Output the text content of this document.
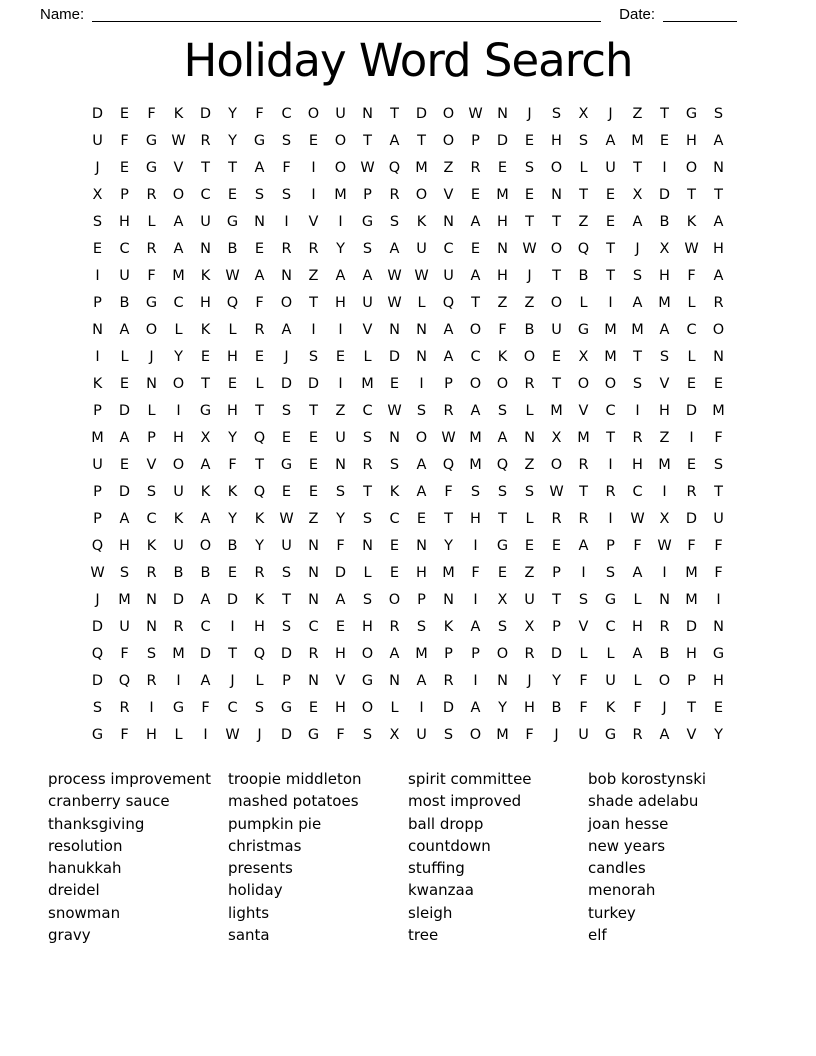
Name:	Date:
Holiday Word Search
D	E	F	K	D	Y	F	C	O	U	N	T	D	O W N	J	S	X	J	Z	T	G	S
U	F	G W	R	Y	G	S	E	O	T	A	T	O	P	D	E	H	S	A	M	E	H	A
J	E	G	V	T	T	A	F	I	O W Q	M	Z	R	E	S	O	L	U	T	I	O	N
X	P	R	O	C	E	S	S	I	M	P	R	O	V	E	M	E	N	T	E	X	D	T	T
S	H	L	A	U	G	N	I	V	I	G	S	K	N	A	H	T	T	Z	E	A	B	K	A
E	C	R	A	N	B	E	R	R	Y	S	A	U	C	E	N W O	Q	T	J	X	W H
I	U	F	M	K	W	A	N	Z	A	A	W W	U	A	H	J	T	B	T	S	H	F	A
P	B	G	C	H	Q	F	O	T	H	U	W	L	Q	T	Z	Z	O	L	I	A	M	L	R
N	A	O	L	K	L	R	A	I	I	V	N	N	A	O	F	B	U	G	M M	A	C	O
I	L	J	Y	E	H	E	J	S	E	L	D	N	A	C	K	O	E	X	M	T	S	L	N
K	E	N	O	T	E	L	D	D	I	M	E	I	P	O	O	R	T	O	O	S	V	E	E
P	D	L	I	G	H	T	S	T	Z	C	W	S	R	A	S	L	M	V	C	I	H	D	M
M	A	P	H	X	Y	Q	E	E	U	S	N	O W M	A	N	X	M	T	R	Z	I	F
U	E	V	O	A	F	T	G	E	N	R	S	A	Q	M	Q	Z	O	R	I	H	M	E	S
P	D	S	U	K	K	Q	E	E	S	T	K	A	F	S	S	S	W	T	R	C	I	R	T
P	A	C	K	A	Y	K	W	Z	Y	S	C	E	T	H	T	L	R	R	I	W	X	D	U
Q	H	K	U	O	B	Y	U	N	F	N	E	N	Y	I	G	E	E	A	P	F	W	F	F
W	S	R	B	B	E	R	S	N	D	L	E	H	M	F	E	Z	P	I	S	A	I	M	F
J	M	N	D	A	D	K	T	N	A	S	O	P	N	I	X	U	T	S	G	L	N	M	I
D	U	N	R	C	I	H	S	C	E	H	R	S	K	A	S	X	P	V	C	H	R	D	N
Q	F	S	M	D	T	Q	D	R	H	O	A	M	P	P	O	R	D	L	L	A	B	H	G
D	Q	R	I	A	J	L	P	N	V	G	N	A	R	I	N	J	Y	F	U	L	O	P	H
S	R	I	G	F	C	S	G	E	H	O	L	I	D	A	Y	H	B	F	K	F	J	T	E
G	F	H	L	I	W	J	D	G	F	S	X	U	S	O	M	F	J	U	G	R	A	V	Y
process improvement
cranberry sauce
thanksgiving
resolution
hanukkah
dreidel
snowman
gravy
troopie middleton
mashed potatoes
pumpkin pie
christmas
presents
holiday
lights
santa
spirit committee
most improved
ball dropp
countdown
stuffing
kwanzaa
sleigh
tree
bob korostynski
shade adelabu
joan hesse
new years
candles
menorah
turkey
elf
